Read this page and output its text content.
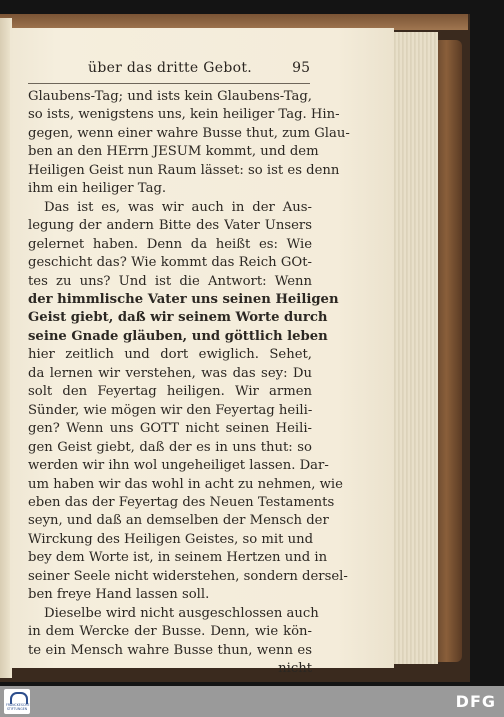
über das dritte Gebot.	95
Glaubens-Tag; und ists kein Glaubens-Tag,
so ists, wenigstens uns, kein heiliger Tag. Hin-
gegen, wenn einer wahre Busse thut, zum Glau-
ben an den HErrn JESUM kommt, und dem
Heiligen Geist nun Raum lässet: so ist es denn
ihm ein heiliger Tag.
Das ist es, was wir auch in der Aus-
legung der andern Bitte des Vater Unsers
gelernet haben. Denn da heißt es: Wie
geschicht das? Wie kommt das Reich GOt-
tes zu uns? Und ist die Antwort: Wenn
der himmlische Vater uns seinen Heiligen
Geist giebt, daß wir seinem Worte durch
seine Gnade gläuben, und göttlich leben
hier zeitlich und dort ewiglich. Sehet,
da lernen wir verstehen, was das sey: Du
solt den Feyertag heiligen. Wir armen
Sünder, wie mögen wir den Feyertag heili-
gen? Wenn uns GOTT nicht seinen Heili-
gen Geist giebt, daß der es in uns thut: so
werden wir ihn wol ungeheiliget lassen. Dar-
um haben wir das wohl in acht zu nehmen, wie
eben das der Feyertag des Neuen Testaments
seyn, und daß an demselben der Mensch der
Wirckung des Heiligen Geistes, so mit und
bey dem Worte ist, in seinem Hertzen und in
seiner Seele nicht widerstehen, sondern dersel-
ben freye Hand lassen soll.
Dieselbe wird nicht ausgeschlossen auch
in dem Wercke der Busse. Denn, wie kön-
te ein Mensch wahre Busse thun, wenn es
nicht
FRANCKESCHE STIFTUNGEN	DFG
